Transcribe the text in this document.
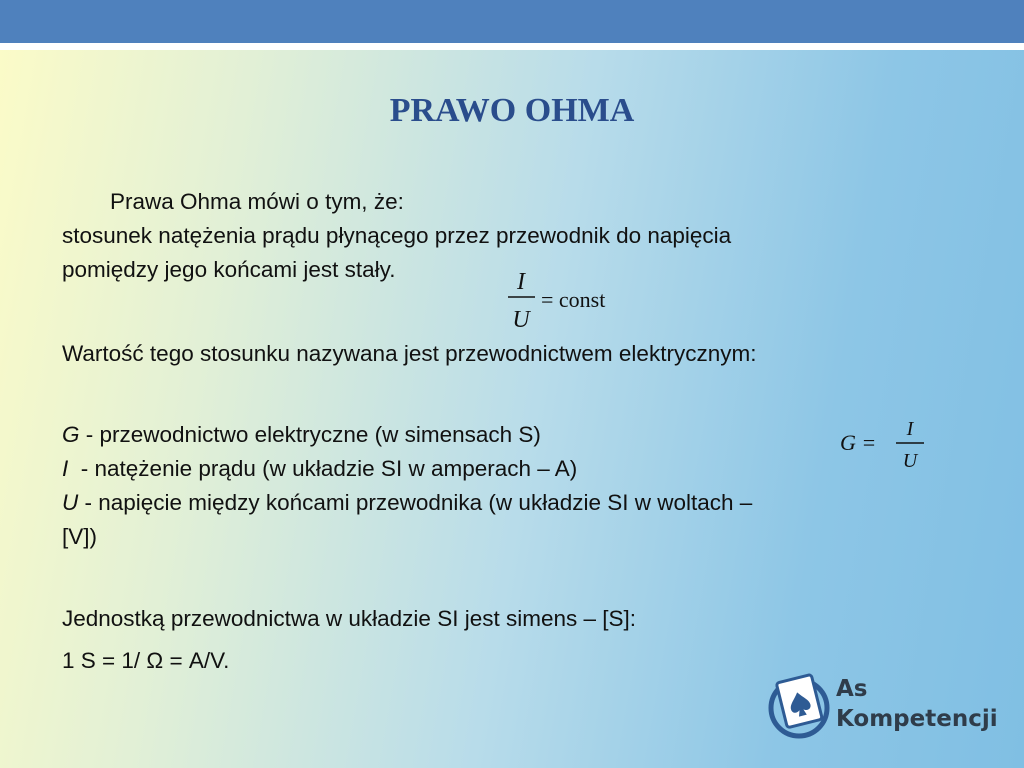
PRAWO OHMA
Prawa Ohma mówi o tym, że:
stosunek natężenia prądu płynącego przez przewodnik do napięcia
pomiędzy jego końcami jest stały.	I
U
= const
Wartość tego stosunku nazywana jest przewodnictwem elektrycznym:
G - przewodnictwo elektryczne (w simensach S)
I  - natężenie prądu (w układzie SI w amperach – A)
U - napięcie między końcami przewodnika (w układzie SI w woltach –
[V])
G =
I
U
Jednostką przewodnictwa w układzie SI jest simens – [S]:
1 S = 1/ Ω = A/V.
As
Kompetencji
